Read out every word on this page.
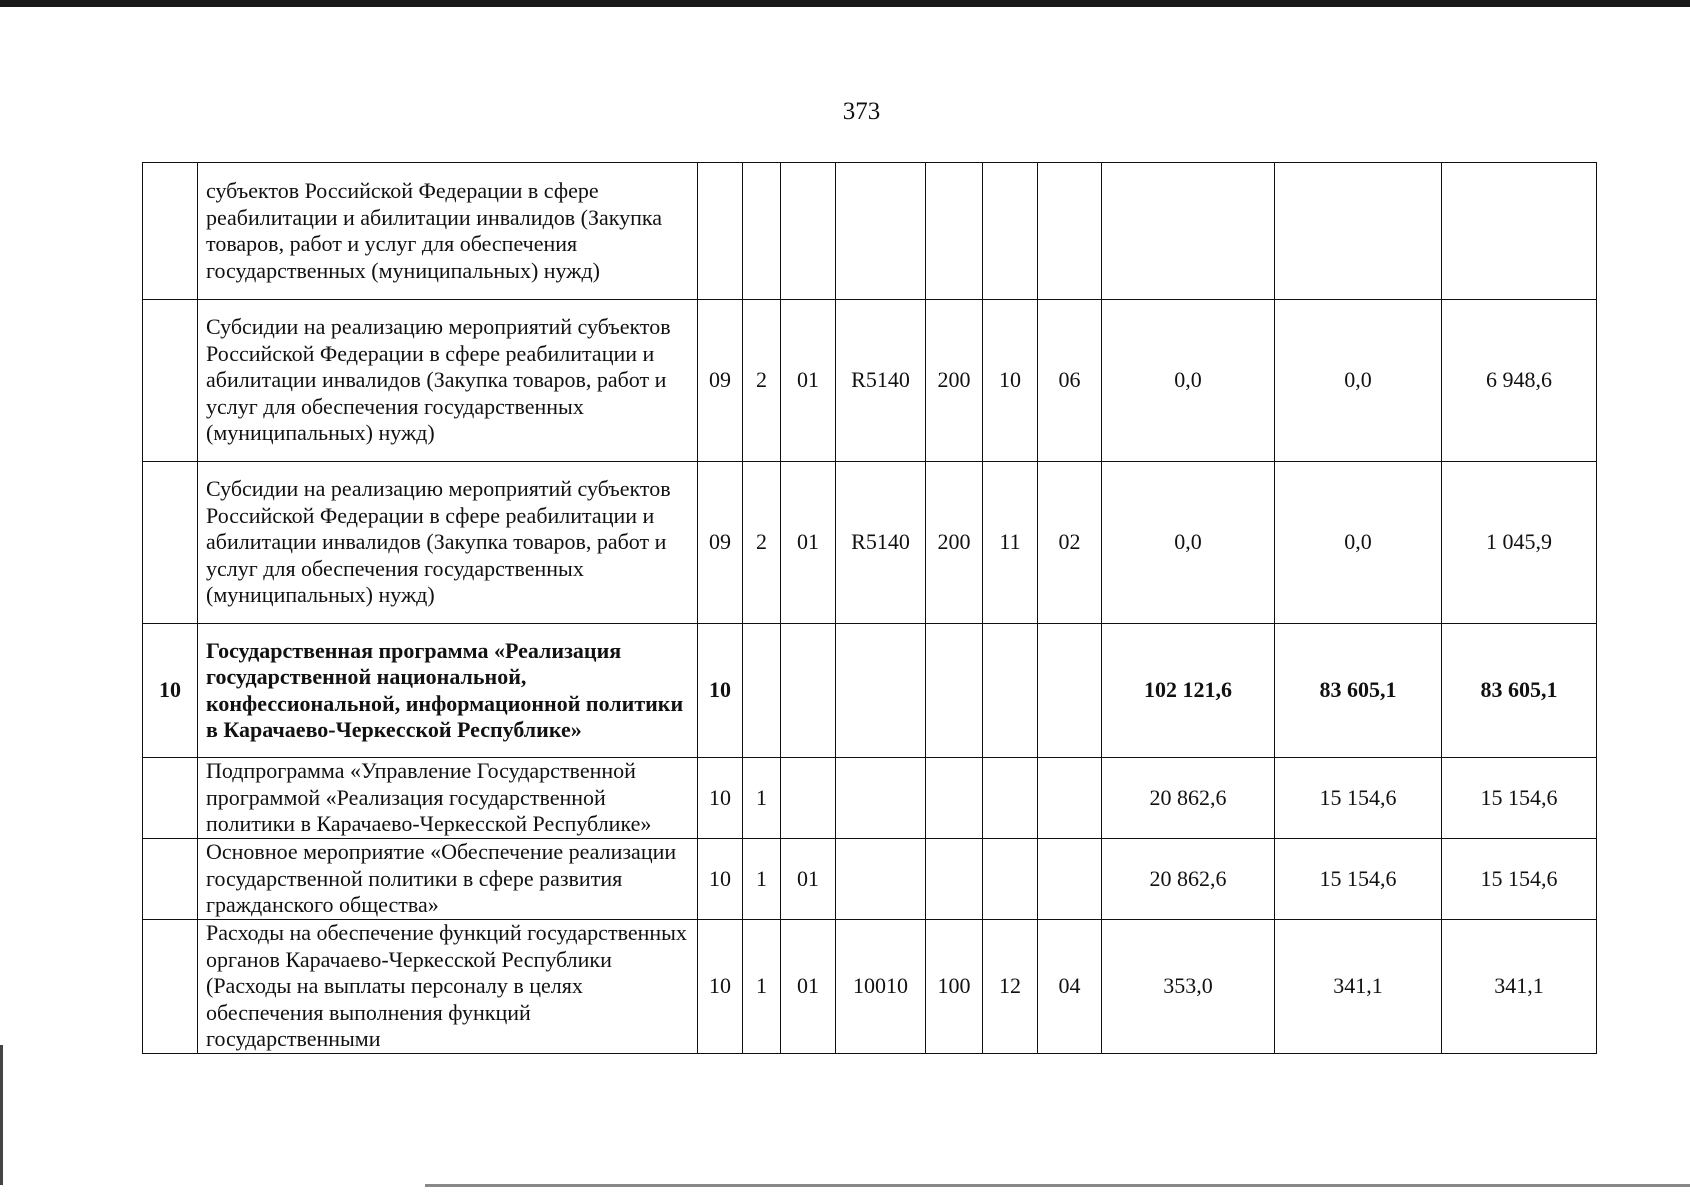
373
	субъектов Российской Федерации в сфере реабилитации и абилитации инвалидов (Закупка товаров, работ и услуг для обеспечения государственных (муниципальных) нужд)										
	Субсидии на реализацию мероприятий субъектов Российской Федерации в сфере реабилитации и абилитации инвалидов (Закупка товаров, работ и услуг для обеспечения государственных (муниципальных) нужд)	09	2	01	R5140	200	10	06	0,0	0,0	6 948,6
	Субсидии на реализацию мероприятий субъектов Российской Федерации в сфере реабилитации и абилитации инвалидов (Закупка товаров, работ и услуг для обеспечения государственных (муниципальных) нужд)	09	2	01	R5140	200	11	02	0,0	0,0	1 045,9
10	Государственная программа «Реализация государственной национальной, конфессиональной, информационной политики в Карачаево-Черкесской Республике»	10							102 121,6	83 605,1	83 605,1
	Подпрограмма «Управление Государственной программой «Реализация государственной политики в Карачаево-Черкесской Республике»	10	1						20 862,6	15 154,6	15 154,6
	Основное мероприятие «Обеспечение реализации государственной политики в сфере развития гражданского общества»	10	1	01					20 862,6	15 154,6	15 154,6
	Расходы на обеспечение функций государственных органов Карачаево-Черкесской Республики (Расходы на выплаты персоналу в целях обеспечения выполнения функций государственными	10	1	01	10010	100	12	04	353,0	341,1	341,1
